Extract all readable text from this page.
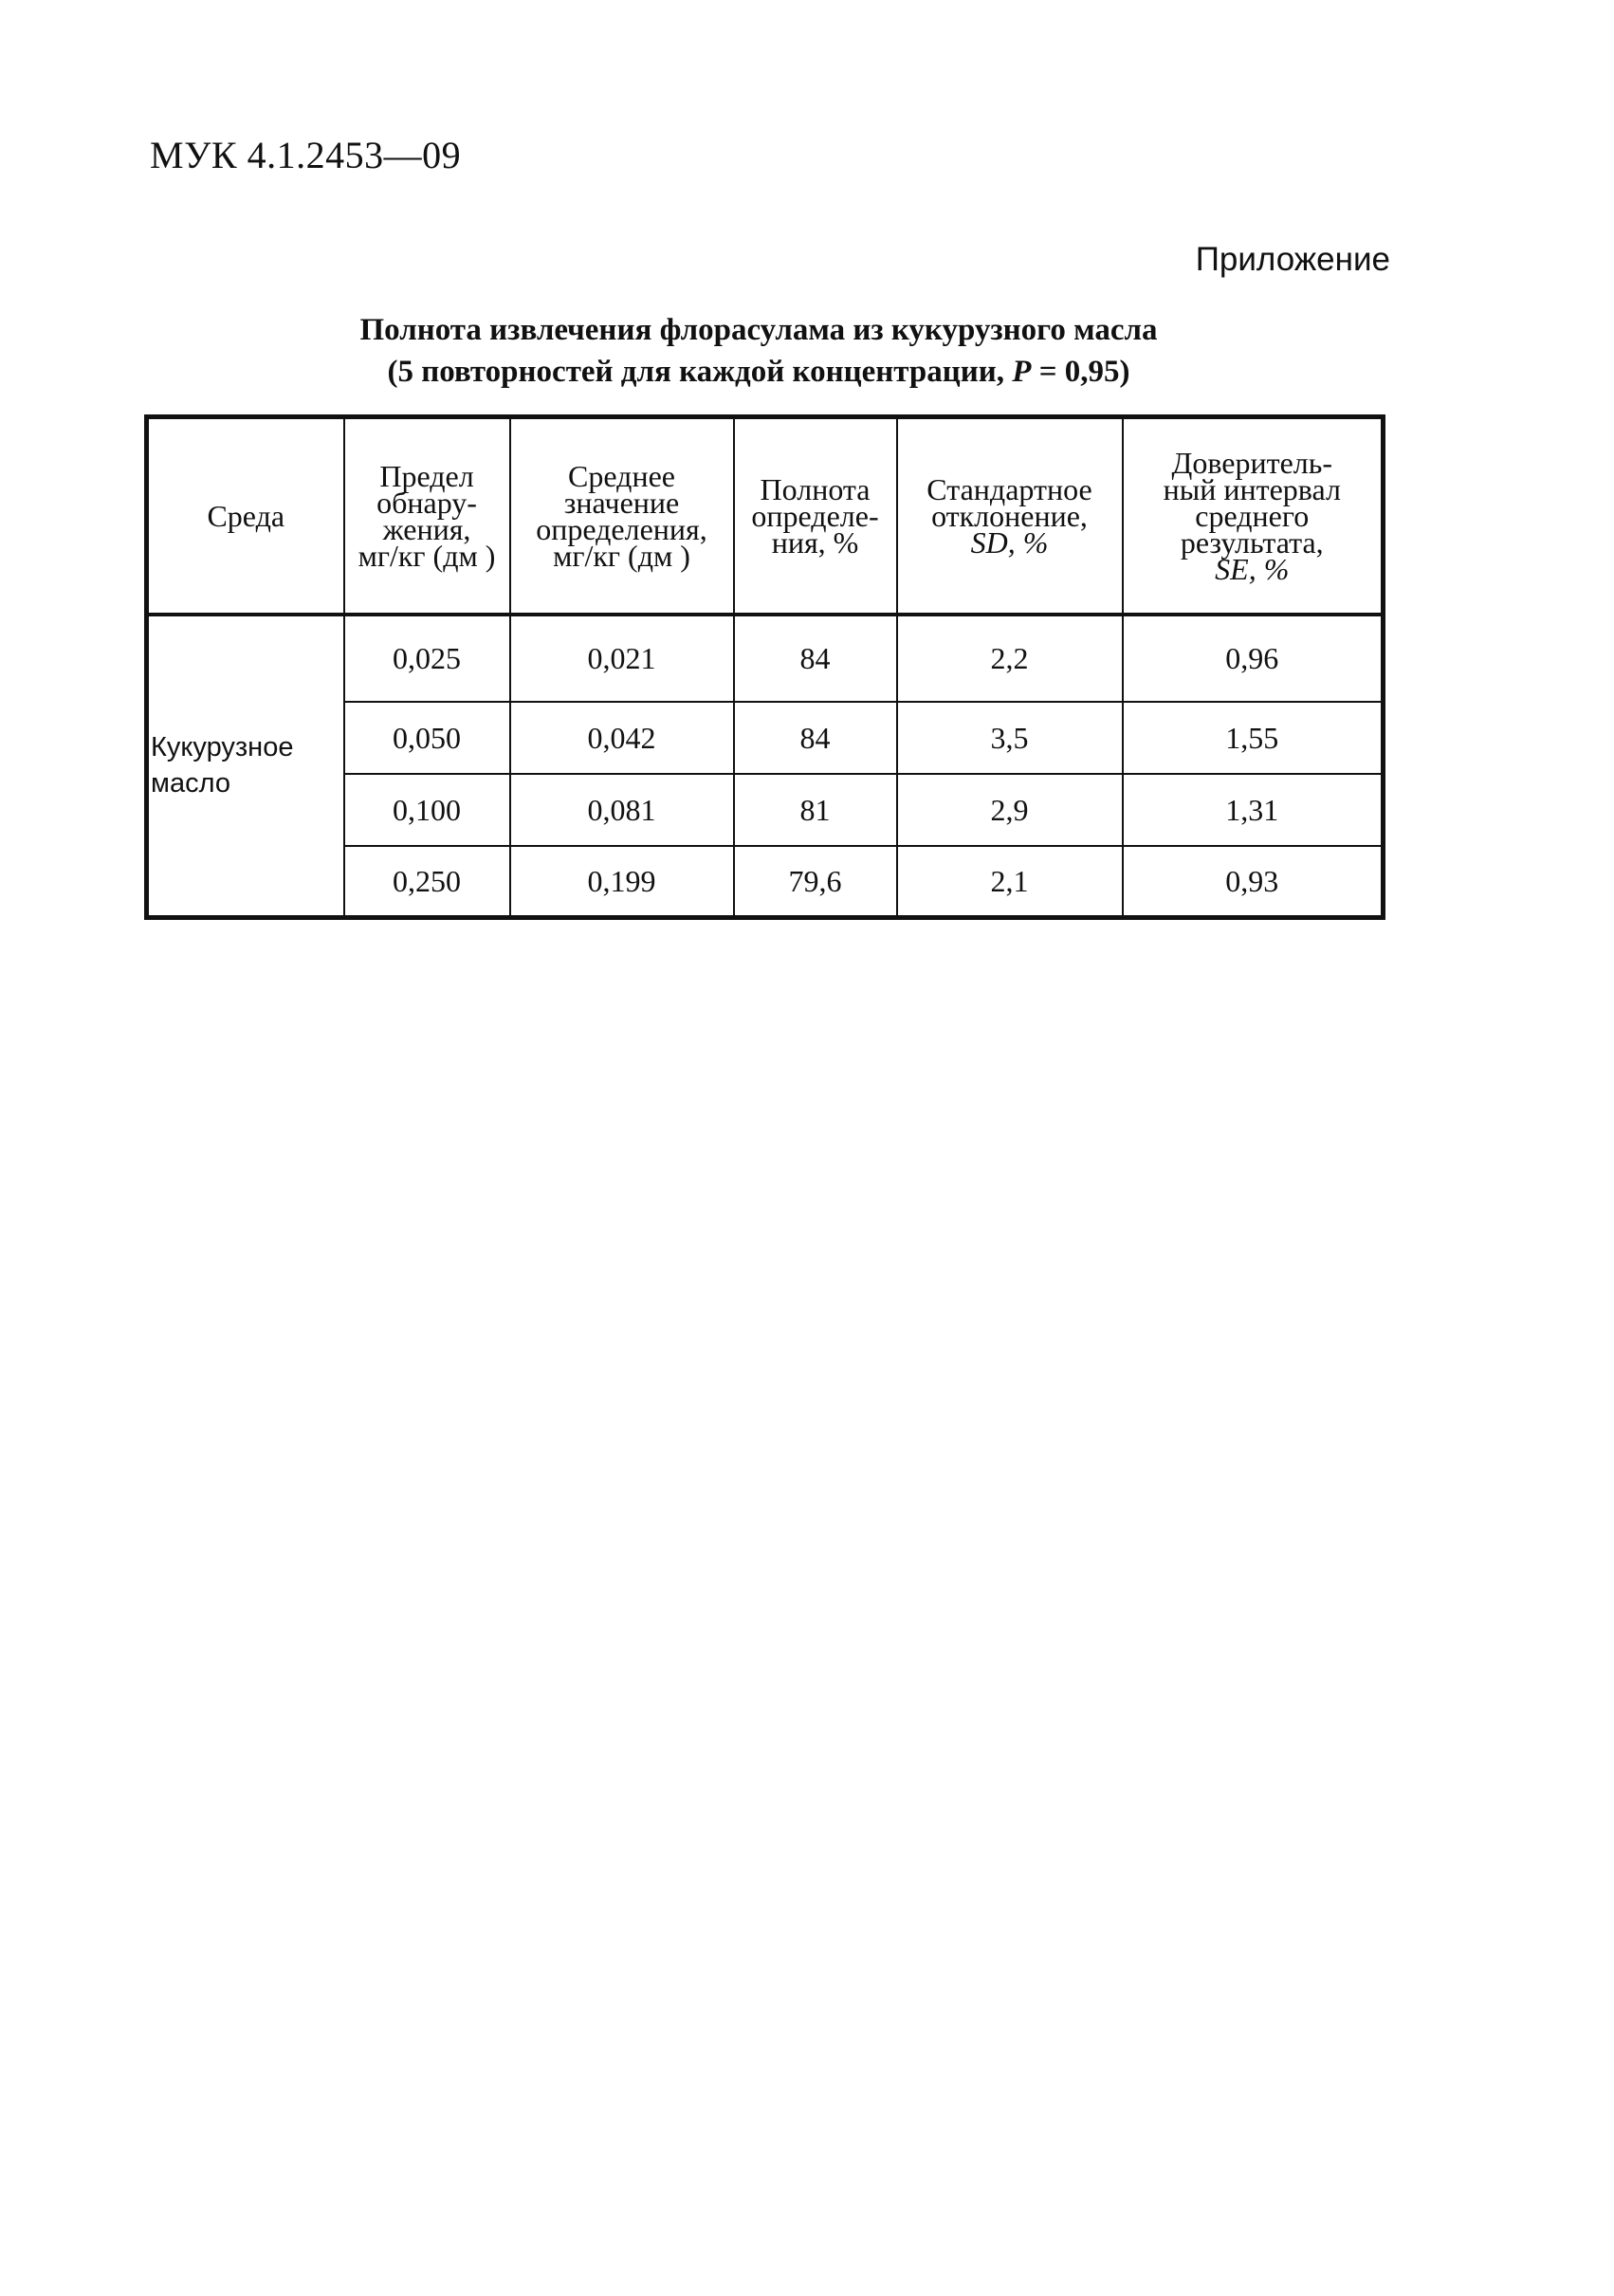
МУК 4.1.2453—09
Приложение
Полнота извлечения флорасулама из кукурузного масла
(5 повторностей для каждой концентрации, P = 0,95)
Среда	Предел
обнару-
жения,
мг/кг (дм )	Среднее
значение
определения,
мг/кг (дм )	Полнота
определе-
ния, %	Стандартное
отклонение,
SD, %	Доверитель-
ный интервал
среднего
результата,
SE, %

Кукурузное
масло	0,025	0,021	84	2,2	0,96
	0,050	0,042	84	3,5	1,55
	0,100	0,081	81	2,9	1,31
	0,250	0,199	79,6	2,1	0,93
